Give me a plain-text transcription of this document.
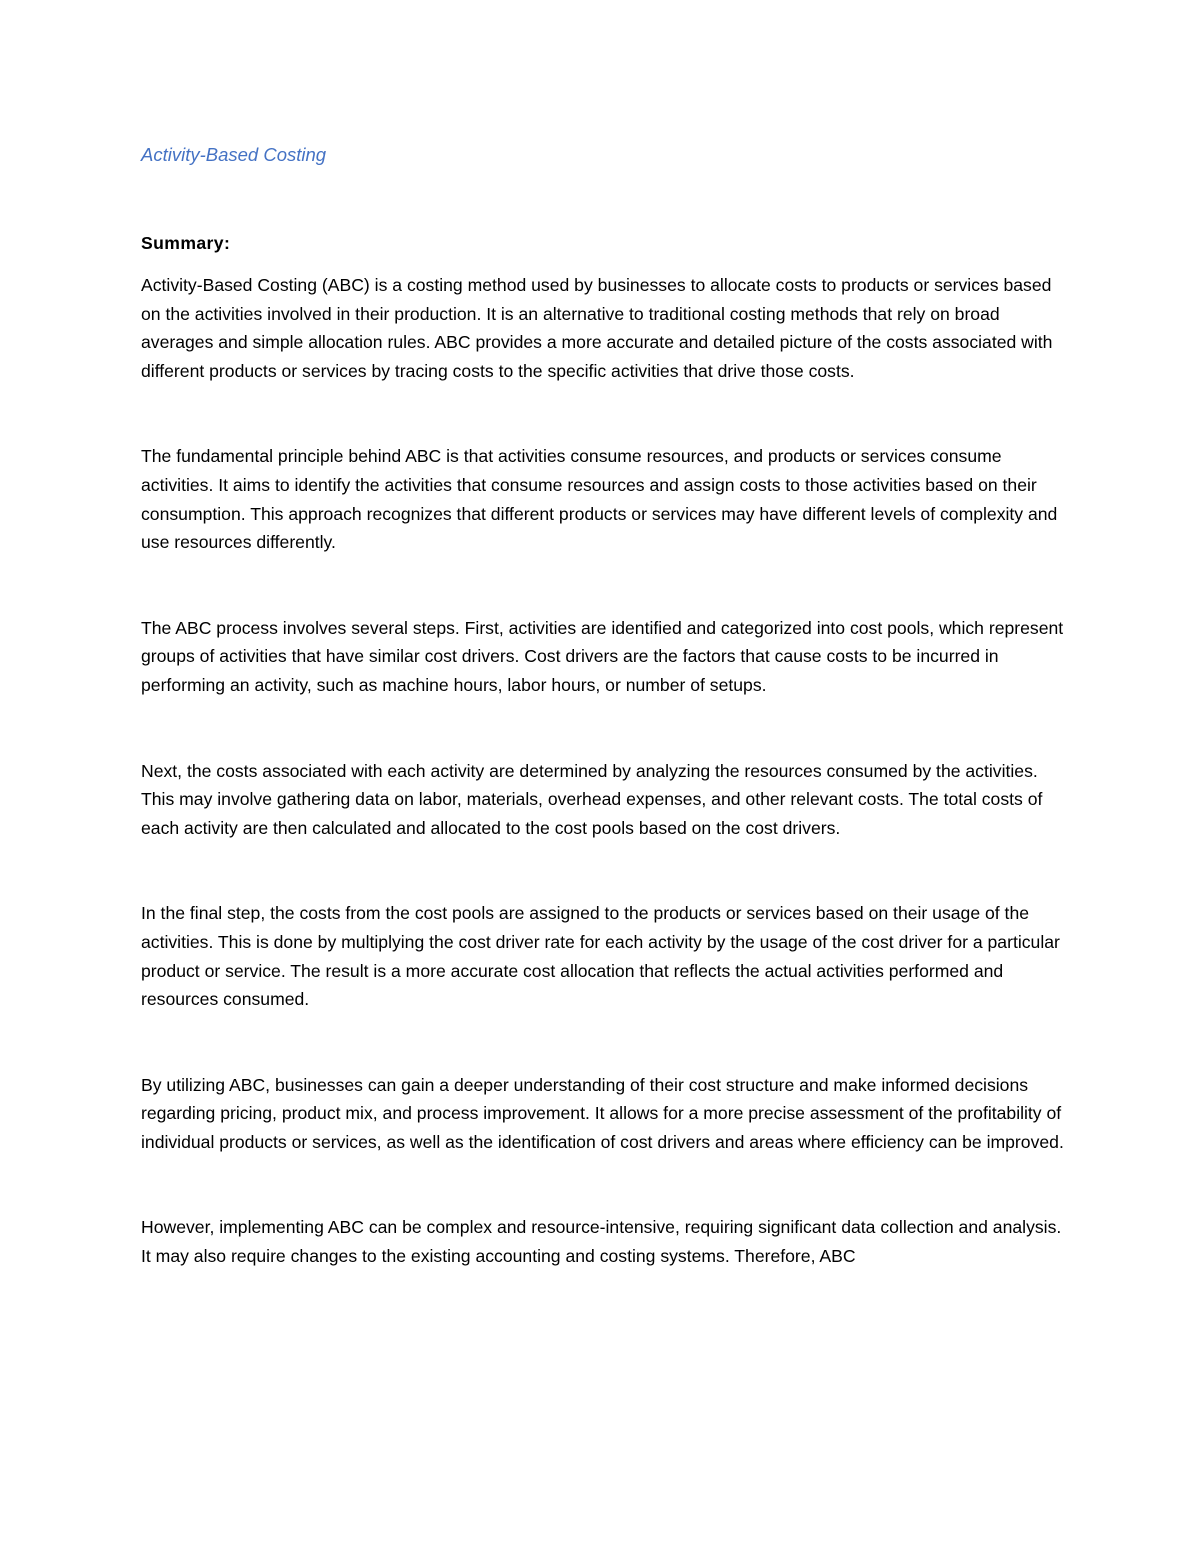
Activity-Based Costing

Summary:

Activity-Based Costing (ABC) is a costing method used by businesses to allocate costs to products or services based on the activities involved in their production. It is an alternative to traditional costing methods that rely on broad averages and simple allocation rules. ABC provides a more accurate and detailed picture of the costs associated with different products or services by tracing costs to the specific activities that drive those costs.

The fundamental principle behind ABC is that activities consume resources, and products or services consume activities. It aims to identify the activities that consume resources and assign costs to those activities based on their consumption. This approach recognizes that different products or services may have different levels of complexity and use resources differently.

The ABC process involves several steps. First, activities are identified and categorized into cost pools, which represent groups of activities that have similar cost drivers. Cost drivers are the factors that cause costs to be incurred in performing an activity, such as machine hours, labor hours, or number of setups.

Next, the costs associated with each activity are determined by analyzing the resources consumed by the activities. This may involve gathering data on labor, materials, overhead expenses, and other relevant costs. The total costs of each activity are then calculated and allocated to the cost pools based on the cost drivers.

In the final step, the costs from the cost pools are assigned to the products or services based on their usage of the activities. This is done by multiplying the cost driver rate for each activity by the usage of the cost driver for a particular product or service. The result is a more accurate cost allocation that reflects the actual activities performed and resources consumed.

By utilizing ABC, businesses can gain a deeper understanding of their cost structure and make informed decisions regarding pricing, product mix, and process improvement. It allows for a more precise assessment of the profitability of individual products or services, as well as the identification of cost drivers and areas where efficiency can be improved.

However, implementing ABC can be complex and resource-intensive, requiring significant data collection and analysis. It may also require changes to the existing accounting and costing systems. Therefore, ABC
